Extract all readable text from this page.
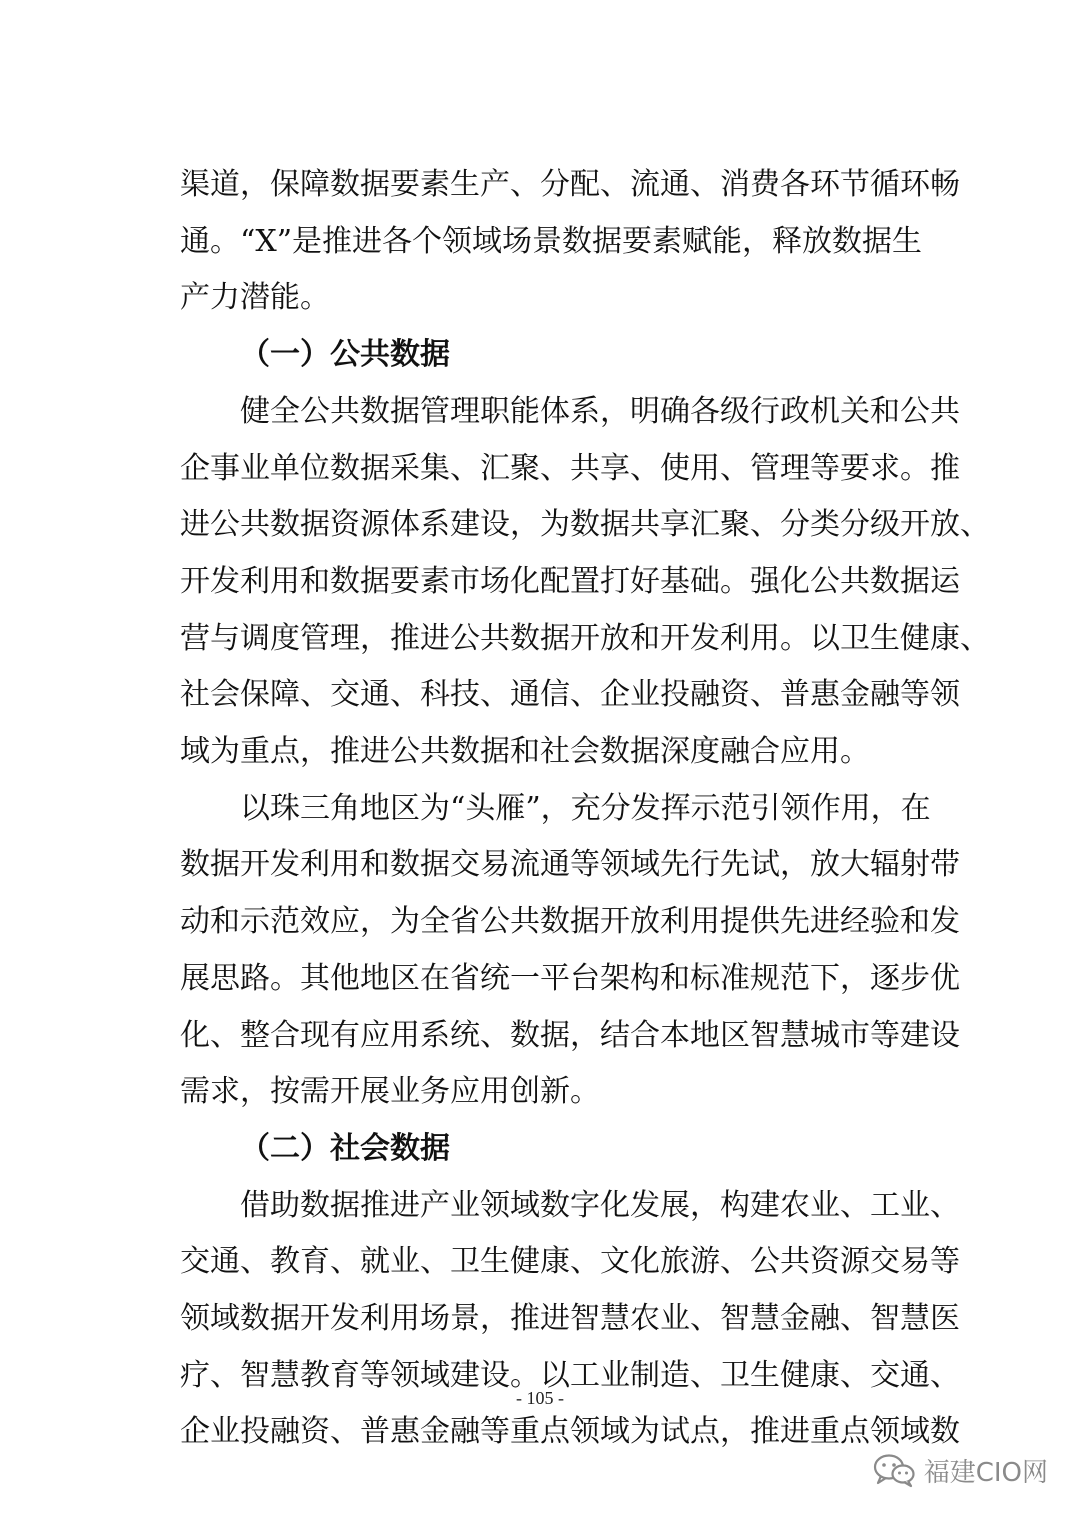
渠道，保障数据要素生产、分配、流通、消费各环节循环畅
通。“X”是推进各个领域场景数据要素赋能，释放数据生
产力潜能。
（一）公共数据
健全公共数据管理职能体系，明确各级行政机关和公共
企事业单位数据采集、汇聚、共享、使用、管理等要求。推
进公共数据资源体系建设，为数据共享汇聚、分类分级开放、
开发利用和数据要素市场化配置打好基础。强化公共数据运
营与调度管理，推进公共数据开放和开发利用。以卫生健康、
社会保障、交通、科技、通信、企业投融资、普惠金融等领
域为重点，推进公共数据和社会数据深度融合应用。
以珠三角地区为“头雁”，充分发挥示范引领作用，在
数据开发利用和数据交易流通等领域先行先试，放大辐射带
动和示范效应，为全省公共数据开放利用提供先进经验和发
展思路。其他地区在省统一平台架构和标准规范下，逐步优
化、整合现有应用系统、数据，结合本地区智慧城市等建设
需求，按需开展业务应用创新。
（二）社会数据
借助数据推进产业领域数字化发展，构建农业、工业、
交通、教育、就业、卫生健康、文化旅游、公共资源交易等
领域数据开发利用场景，推进智慧农业、智慧金融、智慧医
疗、智慧教育等领域建设。以工业制造、卫生健康、交通、
企业投融资、普惠金融等重点领域为试点，推进重点领域数
- 105 -
福建CIO网
